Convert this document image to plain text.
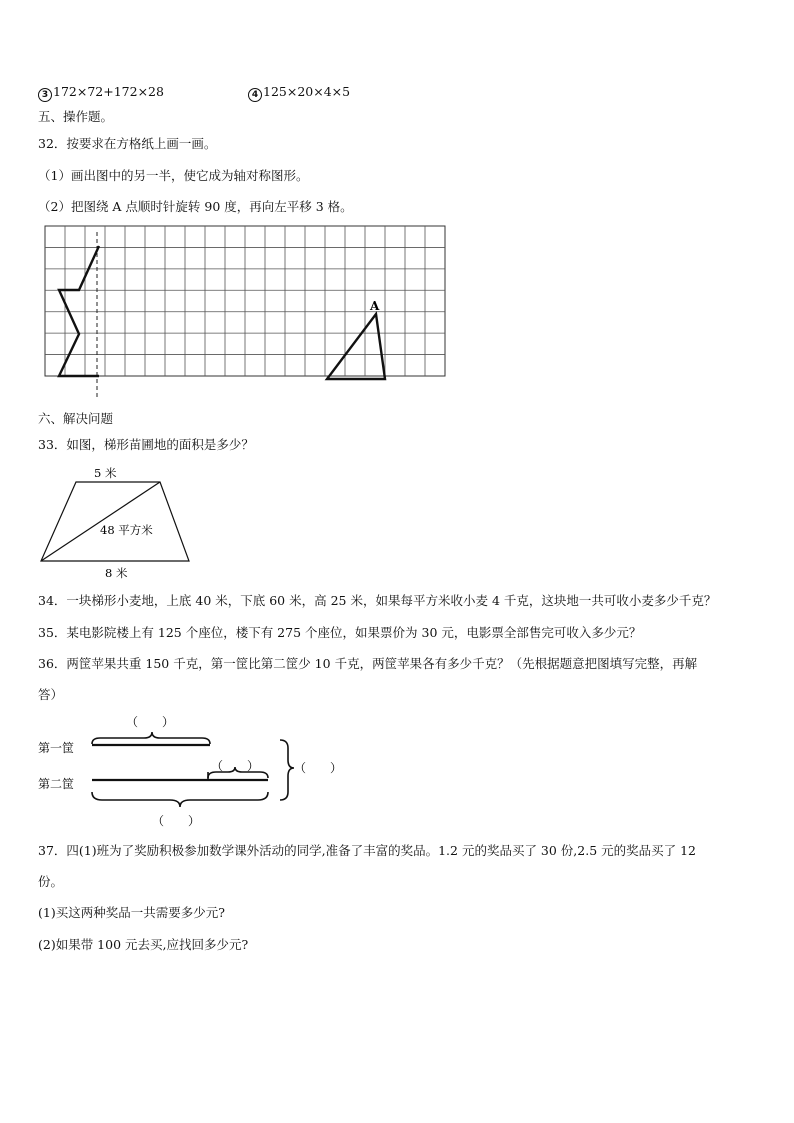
3 172×72+172×28	4 125×20×4×5
五、操作题。
32．按要求在方格纸上画一画。
（1）画出图中的另一半，使它成为轴对称图形。
（2）把图绕 A 点顺时针旋转 90 度，再向左平移 3 格。
A
六、解决问题
33．如图，梯形苗圃地的面积是多少？
5 米
48 平方米
8 米
34．一块梯形小麦地，上底 40 米，下底 60 米，高 25 米，如果每平方米收小麦 4 千克，这块地一共可收小麦多少千克？
35．某电影院楼上有 125 个座位，楼下有 275 个座位，如果票价为 30 元，电影票全部售完可收入多少元？
36．两筐苹果共重 150 千克，第一筐比第二筐少 10 千克，两筐苹果各有多少千克？（先根据题意把图填写完整，再解
答）
（　　）
第一筐
（　　）
第二筐
（　　）
（　　）
37．四(1)班为了奖励积极参加数学课外活动的同学,准备了丰富的奖品。1.2 元的奖品买了 30 份,2.5 元的奖品买了 12
份。
(1)买这两种奖品一共需要多少元?
(2)如果带 100 元去买,应找回多少元?
